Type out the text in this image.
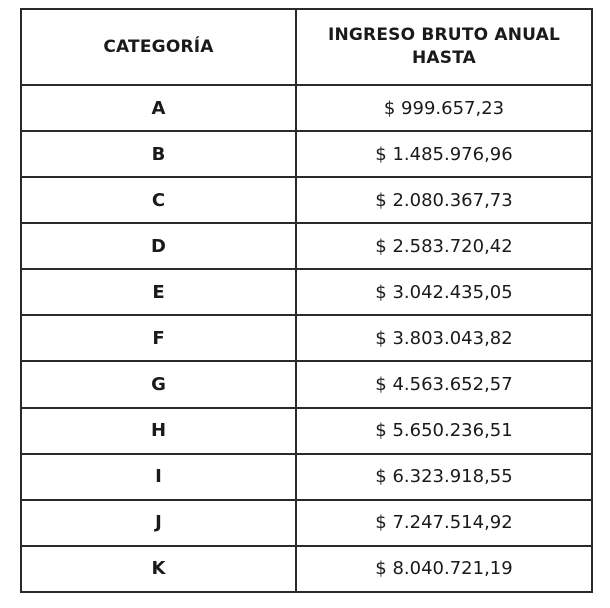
CATEGORÍA	INGRESO BRUTO ANUAL HASTA
A	$ 999.657,23
B	$ 1.485.976,96
C	$ 2.080.367,73
D	$ 2.583.720,42
E	$ 3.042.435,05
F	$ 3.803.043,82
G	$ 4.563.652,57
H	$ 5.650.236,51
I	$ 6.323.918,55
J	$ 7.247.514,92
K	$ 8.040.721,19
